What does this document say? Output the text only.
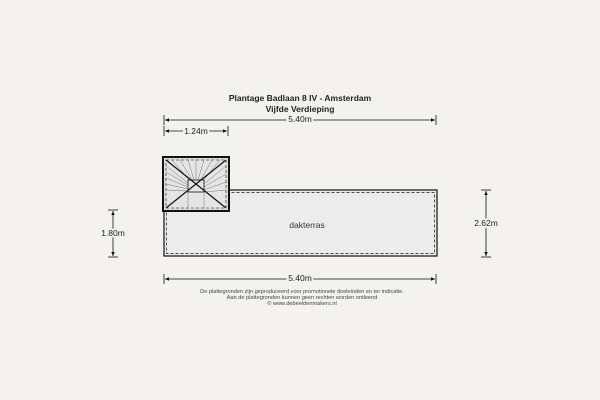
Plantage Badlaan 8 IV - Amsterdam
Vijfde Verdieping
5.40m
1.24m
dakterras
1.80m
2.62m
5.40m
De plattegronden zijn geproduceerd voor promotionele doeleinden en ter indicatie.
Aan de plattegronden kunnen geen rechten worden ontleend
© www.debeeldenmakers.nl
